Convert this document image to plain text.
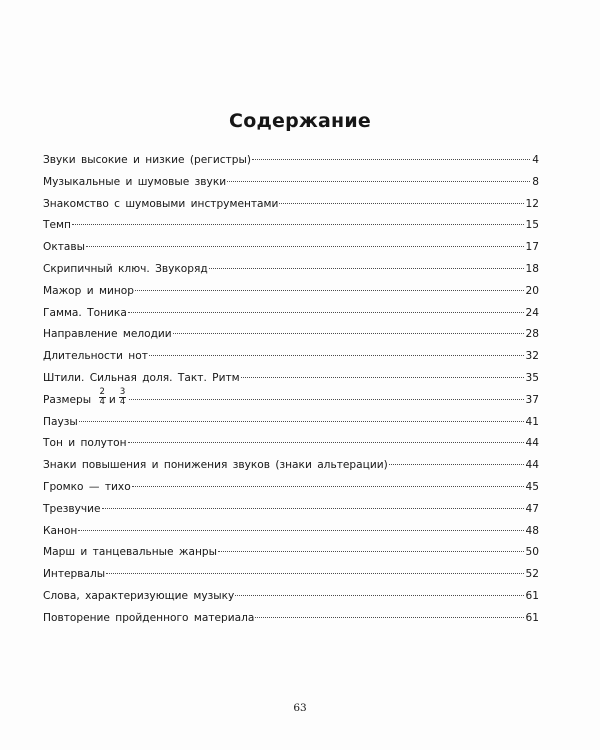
Содержание
Звуки высокие и низкие (регистры)	4
Музыкальные и шумовые звуки	8
Знакомство с шумовыми инструментами	12
Темп	15
Октавы	17
Скрипичный ключ. Звукоряд	18
Мажор и минор	20
Гамма. Тоника	24
Направление мелодии	28
Длительности нот	32
Штили. Сильная доля. Такт. Ритм	35
Размеры $\frac{2}{4}$ и $\frac{3}{4}$	37
Паузы	41
Тон и полутон	44
Знаки повышения и понижения звуков (знаки альтерации)	44
Громко — тихо	45
Трезвучие	47
Канон	48
Марш и танцевальные жанры	50
Интервалы	52
Слова, характеризующие музыку	61
Повторение пройденного материала	61
63
